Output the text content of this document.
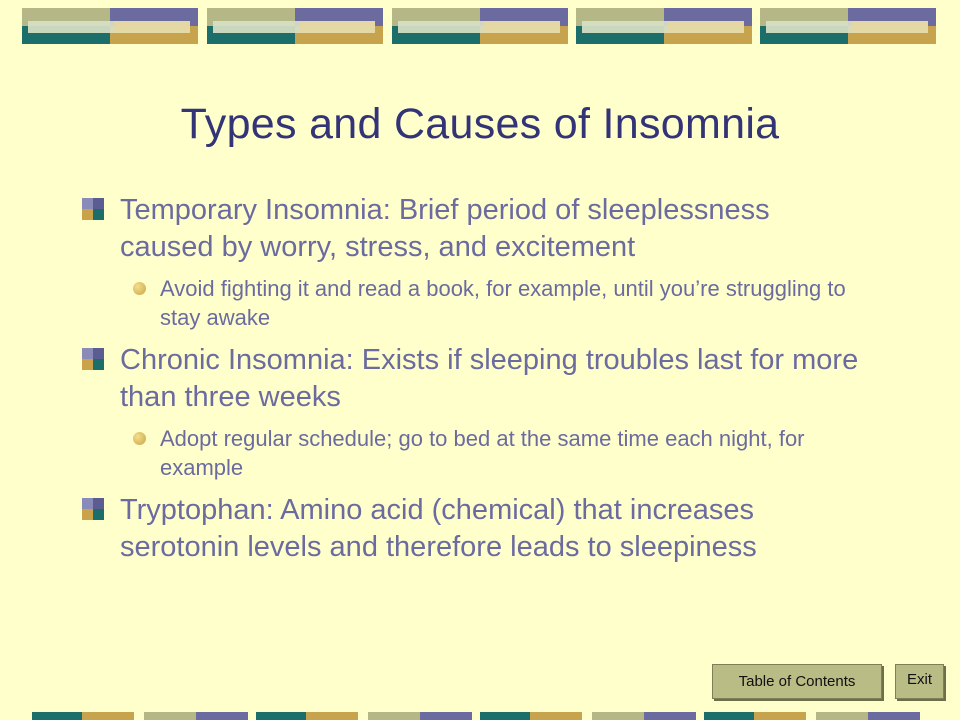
Types and Causes of Insomnia
Temporary Insomnia: Brief period of sleeplessness caused by worry, stress, and excitement
Avoid fighting it and read a book, for example, until you’re struggling to stay awake
Chronic Insomnia: Exists if sleeping troubles last for more than three weeks
Adopt regular schedule; go to bed at the same time each night, for example
Tryptophan: Amino acid (chemical) that increases serotonin levels and therefore leads to sleepiness
Table of Contents	Exit
